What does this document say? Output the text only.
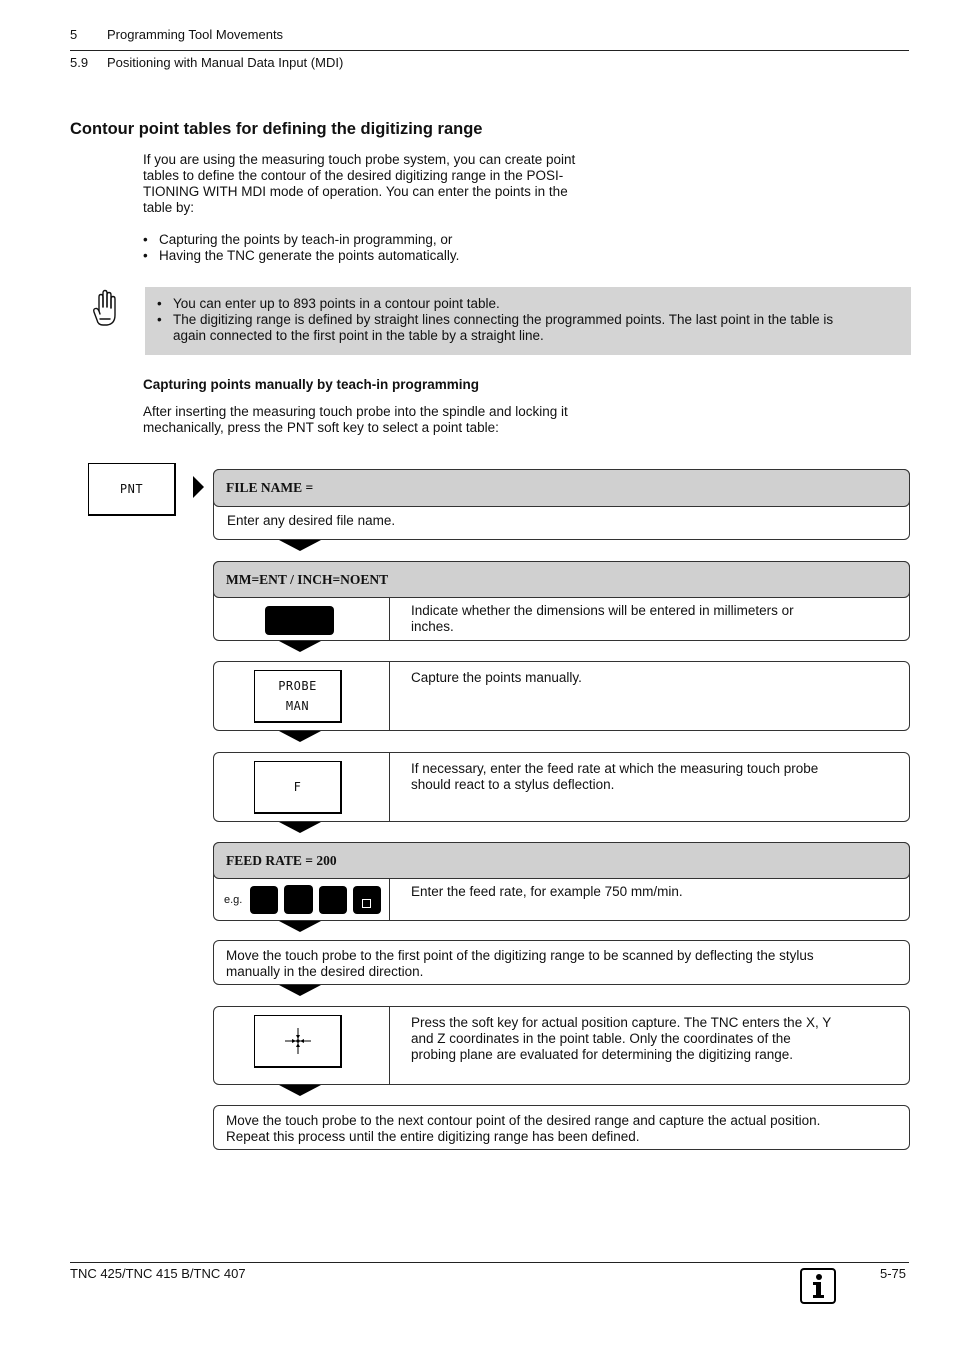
5 Programming Tool Movements
5.9 Positioning with Manual Data Input (MDI)
Contour point tables for defining the digitizing range
If you are using the measuring touch probe system, you can create point
tables to define the contour of the desired digitizing range in the POSI-
TIONING WITH MDI mode of operation. You can enter the points in the
table by:
• Capturing the points by teach-in programming, or
• Having the TNC generate the points automatically.
• You can enter up to 893 points in a contour point table.
• The digitizing range is defined by straight lines connecting the programmed points. The last point in the table is
again connected to the first point in the table by a straight line.
Capturing points manually by teach-in programming
After inserting the measuring touch probe into the spindle and locking it
mechanically, press the PNT soft key to select a point table:
PNT	FILE NAME =
Enter any desired file name.
MM=ENT / INCH=NOENT
Indicate whether the dimensions will be entered in millimeters or
inches.
PROBE
MAN
Capture the points manually.
F
If necessary, enter the feed rate at which the measuring touch probe
should react to a stylus deflection.
FEED RATE = 200
e.g.
Enter the feed rate, for example 750 mm/min.
Move the touch probe to the first point of the digitizing range to be scanned by deflecting the stylus
manually in the desired direction.
Press the soft key for actual position capture. The TNC enters the X, Y
and Z coordinates in the point table. Only the coordinates of the
probing plane are evaluated for determining the digitizing range.
Move the touch probe to the next contour point of the desired range and capture the actual position.
Repeat this process until the entire digitizing range has been defined.
TNC 425/TNC 415 B/TNC 407	5-75
